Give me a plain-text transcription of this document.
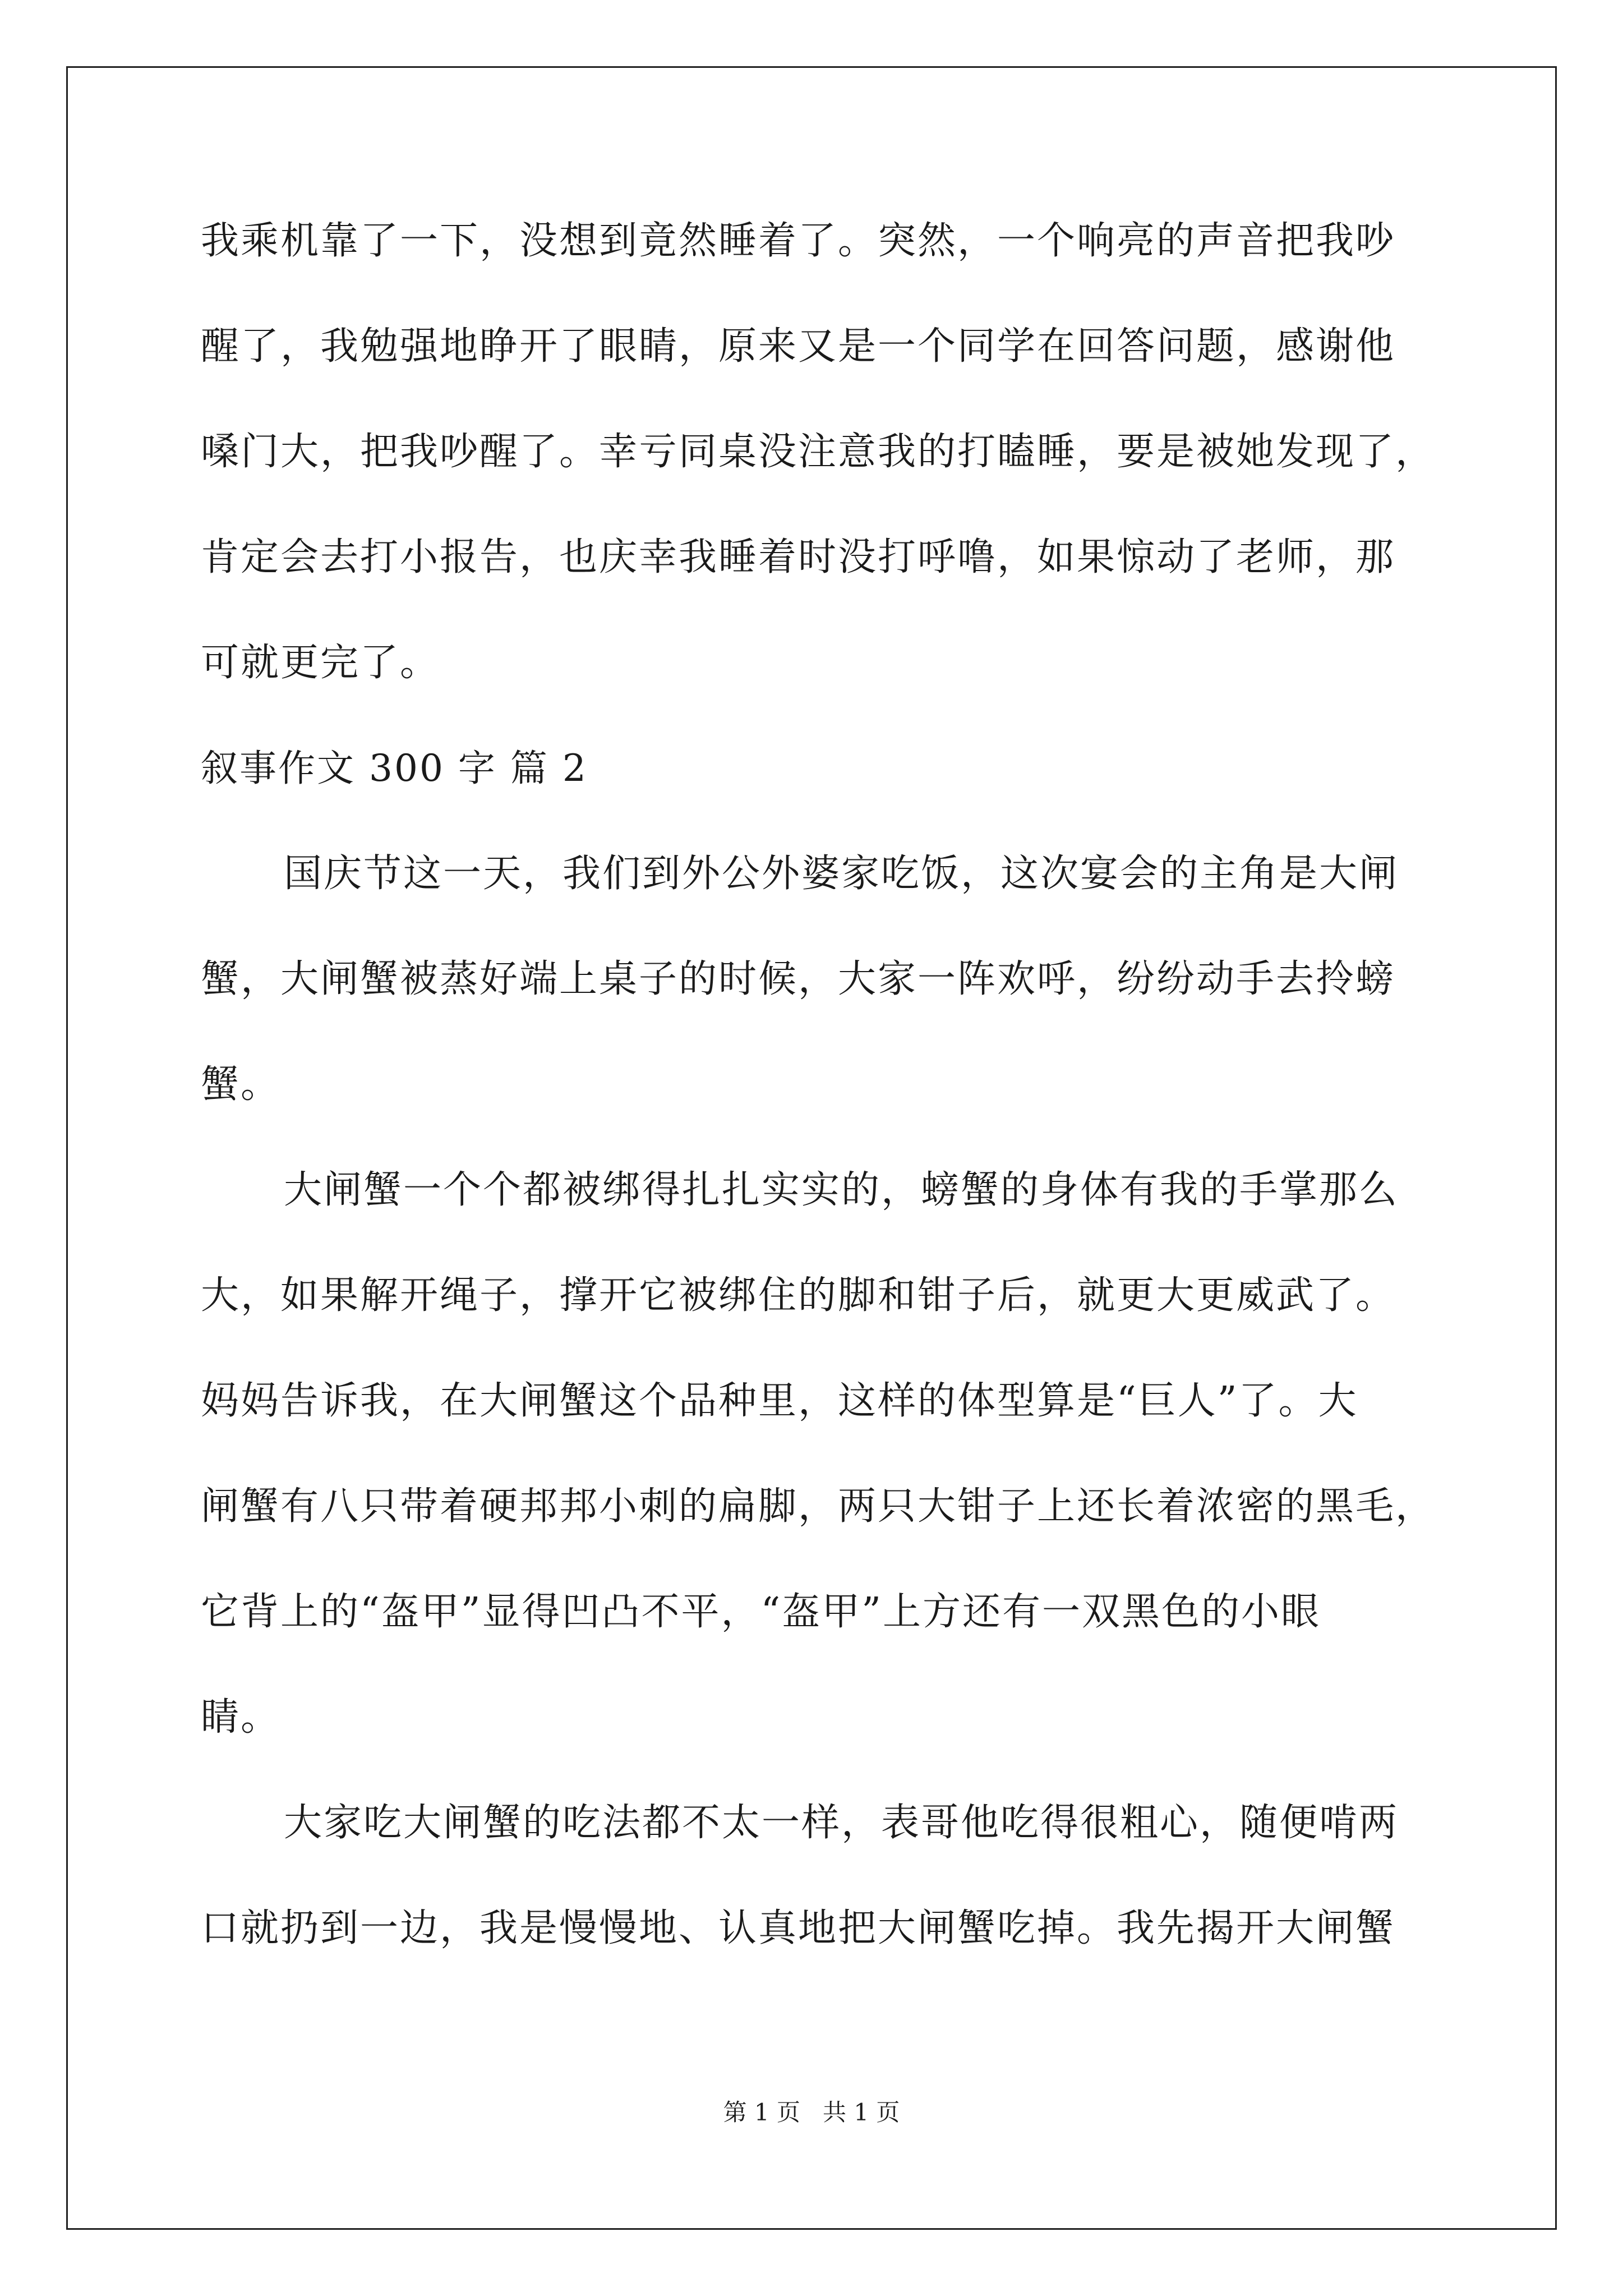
我乘机靠了一下，没想到竟然睡着了。突然，一个响亮的声音把我吵
醒了，我勉强地睁开了眼睛，原来又是一个同学在回答问题，感谢他
嗓门大，把我吵醒了。幸亏同桌没注意我的打瞌睡，要是被她发现了，
肯定会去打小报告，也庆幸我睡着时没打呼噜，如果惊动了老师，那
可就更完了。
叙事作文 300 字 篇 2
国庆节这一天，我们到外公外婆家吃饭，这次宴会的主角是大闸
蟹，大闸蟹被蒸好端上桌子的时候，大家一阵欢呼，纷纷动手去拎螃
蟹。
大闸蟹一个个都被绑得扎扎实实的，螃蟹的身体有我的手掌那么
大，如果解开绳子，撑开它被绑住的脚和钳子后，就更大更威武了。
妈妈告诉我，在大闸蟹这个品种里，这样的体型算是“巨人”了。大
闸蟹有八只带着硬邦邦小刺的扁脚，两只大钳子上还长着浓密的黑毛，
它背上的“盔甲”显得凹凸不平，“盔甲”上方还有一双黑色的小眼
睛。
大家吃大闸蟹的吃法都不太一样，表哥他吃得很粗心，随便啃两
口就扔到一边，我是慢慢地、认真地把大闸蟹吃掉。我先揭开大闸蟹
第 1 页 共 1 页
